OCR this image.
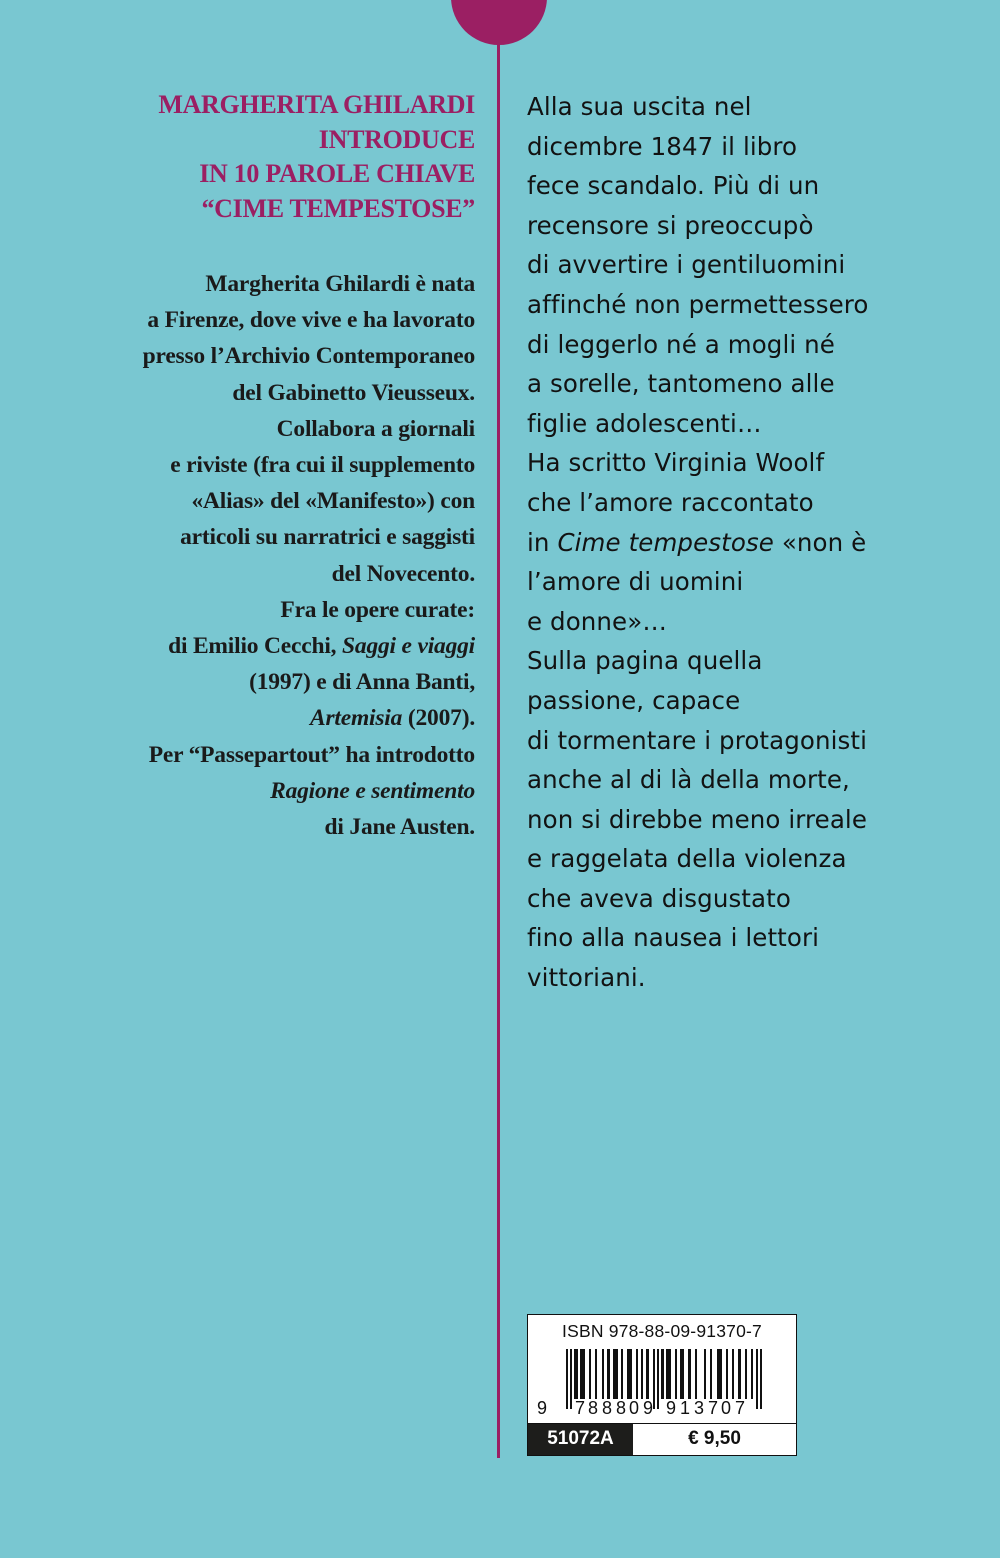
MARGHERITA GHILARDI
INTRODUCE
IN 10 PAROLE CHIAVE
“CIME TEMPESTOSE”
Margherita Ghilardi è nata
a Firenze, dove vive e ha lavorato
presso l’Archivio Contemporaneo
del Gabinetto Vieusseux.
Collabora a giornali
e riviste (fra cui il supplemento
«Alias» del «Manifesto») con
articoli su narratrici e saggisti
del Novecento.
Fra le opere curate:
di Emilio Cecchi, Saggi e viaggi
(1997) e di Anna Banti,
Artemisia (2007).
Per “Passepartout” ha introdotto
Ragione e sentimento
di Jane Austen.
Alla sua uscita nel
dicembre 1847 il libro
fece scandalo. Più di un
recensore si preoccupò
di avvertire i gentiluomini
affinché non permettessero
di leggerlo né a mogli né
a sorelle, tantomeno alle
figlie adolescenti…
Ha scritto Virginia Woolf
che l’amore raccontato
in Cime tempestose «non è
l’amore di uomini
e donne»…
Sulla pagina quella
passione, capace
di tormentare i protagonisti
anche al di là della morte,
non si direbbe meno irreale
e raggelata della violenza
che aveva disgustato
fino alla nausea i lettori
vittoriani.
ISBN 978-88-09-91370-7
9 7 8 8 8 0 9 9 1 3 7 0 7
51072A	€ 9,50
